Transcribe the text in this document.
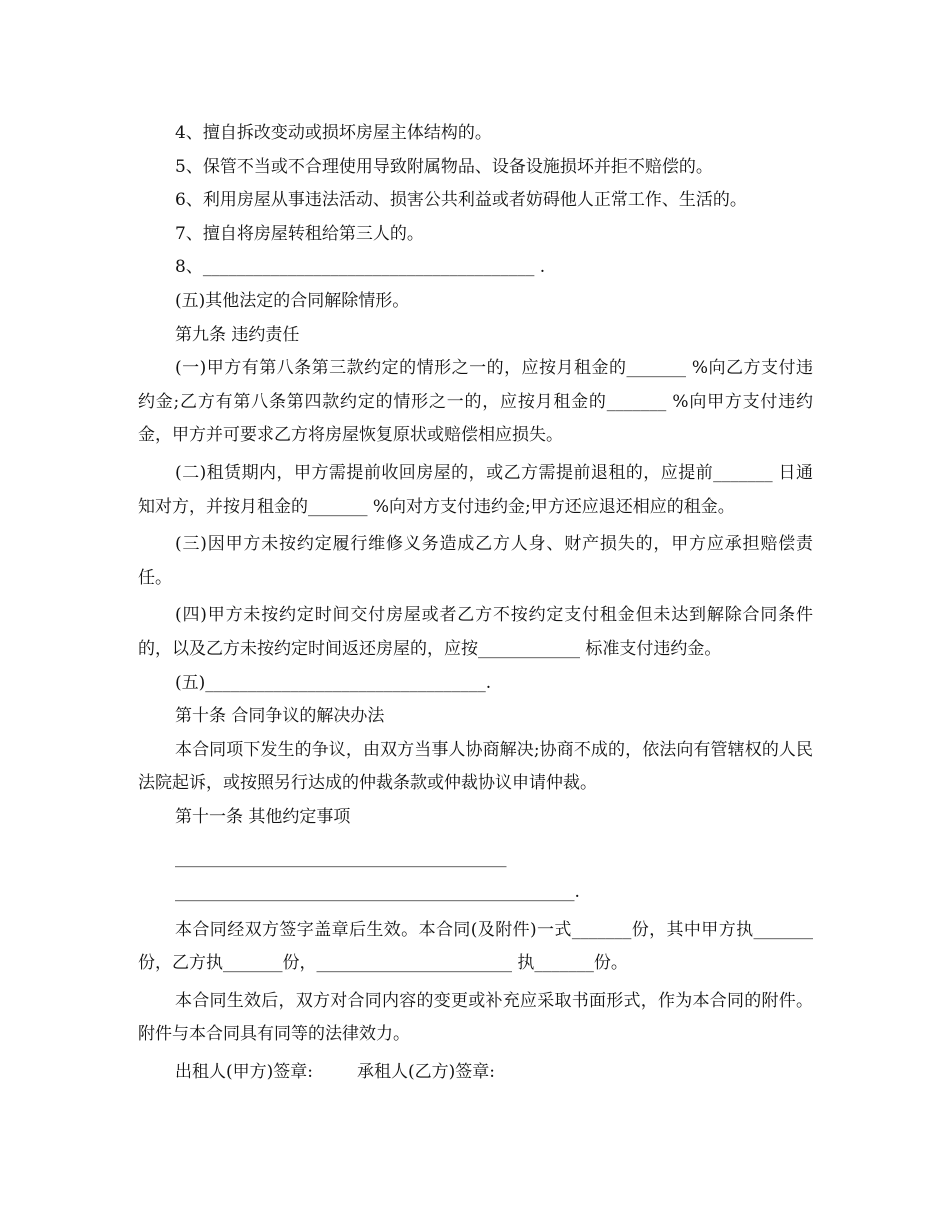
4、擅自拆改变动或损坏房屋主体结构的。

5、保管不当或不合理使用导致附属物品、设备设施损坏并拒不赔偿的。

6、利用房屋从事违法活动、损害公共利益或者妨碍他人正常工作、生活的。

7、擅自将房屋转租给第三人的。

8、_______________________________________ .

(五)其他法定的合同解除情形。

第九条 违约责任

(一)甲方有第八条第三款约定的情形之一的，应按月租金的_______ %向乙方支付违约金;乙方有第八条第四款约定的情形之一的，应按月租金的_______ %向甲方支付违约金，甲方并可要求乙方将房屋恢复原状或赔偿相应损失。

(二)租赁期内，甲方需提前收回房屋的，或乙方需提前退租的，应提前_______ 日通知对方，并按月租金的_______ %向对方支付违约金;甲方还应退还相应的租金。

(三)因甲方未按约定履行维修义务造成乙方人身、财产损失的，甲方应承担赔偿责任。

(四)甲方未按约定时间交付房屋或者乙方不按约定支付租金但未达到解除合同条件的，以及乙方未按约定时间返还房屋的，应按____________ 标准支付违约金。

(五)_________________________________.

第十条 合同争议的解决办法

本合同项下发生的争议，由双方当事人协商解决;协商不成的，依法向有管辖权的人民法院起诉，或按照另行达成的仲裁条款或仲裁协议申请仲裁。

第十一条 其他约定事项

_______________________________________

_______________________________________________.

本合同经双方签字盖章后生效。本合同(及附件)一式_______份，其中甲方执_______份，乙方执_______份，_______________________ 执_______份。

本合同生效后，双方对合同内容的变更或补充应采取书面形式，作为本合同的附件。附件与本合同具有同等的法律效力。

出租人(甲方)签章:	承租人(乙方)签章:
